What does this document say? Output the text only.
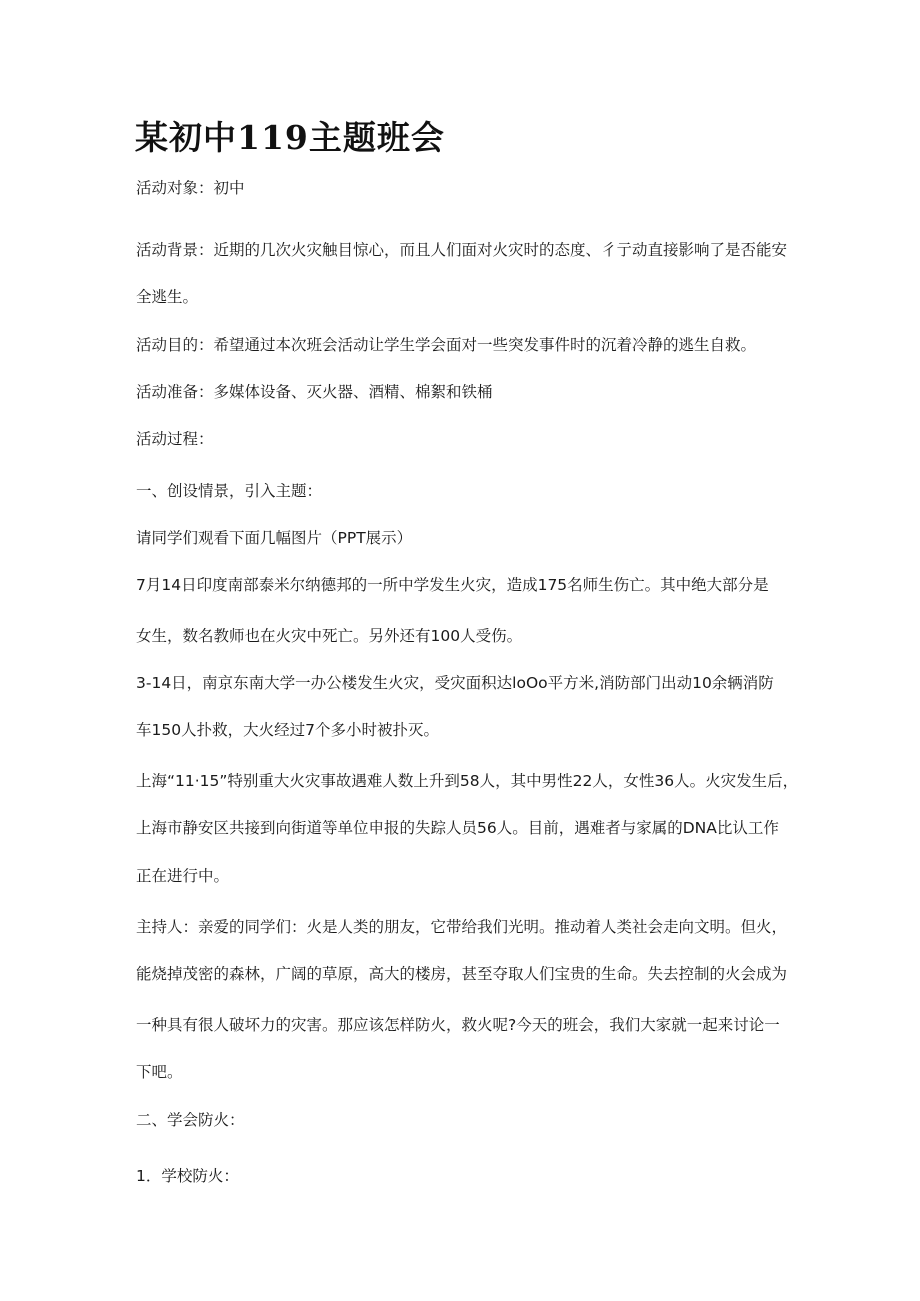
某初中119主题班会

活动对象：初中

活动背景：近期的几次火灾触目惊心，而且人们面对火灾时的态度、彳亍动直接影响了是否能安

全逃生。

活动目的：希望通过本次班会活动让学生学会面对一些突发事件时的沉着冷静的逃生自救。

活动准备：多媒体设备、灭火器、酒精、棉絮和铁桶

活动过程：

一、创设情景，引入主题：

请同学们观看下面几幅图片（PPT展示）

7月14日印度南部泰米尔纳德邦的一所中学发生火灾，造成175名师生伤亡。其中绝大部分是

女生，数名教师也在火灾中死亡。另外还有100人受伤。

3-14日，南京东南大学一办公楼发生火灾，受灾面积达loOo平方米,消防部门出动10余辆消防

车150人扑救，大火经过7个多小时被扑灭。

上海“11·15”特别重大火灾事故遇难人数上升到58人，其中男性22人，女性36人。火灾发生后，

上海市静安区共接到向街道等单位申报的失踪人员56人。目前，遇难者与家属的DNA比认工作

正在进行中。

主持人：亲爱的同学们：火是人类的朋友，它带给我们光明。推动着人类社会走向文明。但火，

能烧掉茂密的森林，广阔的草原，高大的楼房，甚至夺取人们宝贵的生命。失去控制的火会成为

一种具有很人破坏力的灾害。那应该怎样防火，救火呢?今天的班会，我们大家就一起来讨论一

下吧。

二、学会防火：

1．学校防火：
